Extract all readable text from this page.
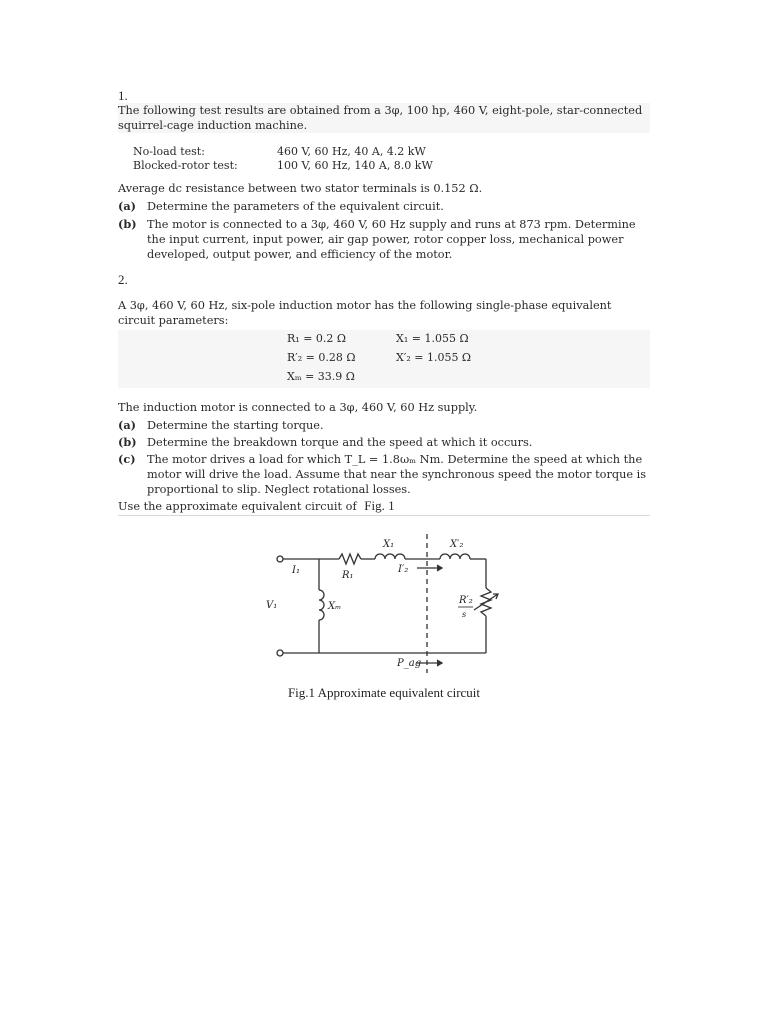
1.
The following test results are obtained from a 3φ, 100 hp, 460 V, eight-pole, star-connected squirrel-cage induction machine.
No-load test:	460 V, 60 Hz, 40 A, 4.2 kW
Blocked-rotor test:	100 V, 60 Hz, 140 A, 8.0 kW
Average dc resistance between two stator terminals is 0.152 Ω.
(a) Determine the parameters of the equivalent circuit.
(b) The motor is connected to a 3φ, 460 V, 60 Hz supply and runs at 873 rpm. Determine the input current, input power, air gap power, rotor copper loss, mechanical power developed, output power, and efficiency of the motor.
2.
A 3φ, 460 V, 60 Hz, six-pole induction motor has the following single-phase equivalent circuit parameters:
R₁ = 0.2 Ω	X₁ = 1.055 Ω
R′₂ = 0.28 Ω	X′₂ = 1.055 Ω
Xₘ = 33.9 Ω
The induction motor is connected to a 3φ, 460 V, 60 Hz supply.
(a) Determine the starting torque.
(b) Determine the breakdown torque and the speed at which it occurs.
(c) The motor drives a load for which T_L = 1.8ωₘ Nm. Determine the speed at which the motor will drive the load. Assume that near the synchronous speed the motor torque is proportional to slip. Neglect rotational losses.
Use the approximate equivalent circuit of Fig. 1
X₁	X′₂
I₁	R₁
I′₂
V₁	Xₘ
R′₂
s
P_ag
Fig.1 Approximate equivalent circuit
